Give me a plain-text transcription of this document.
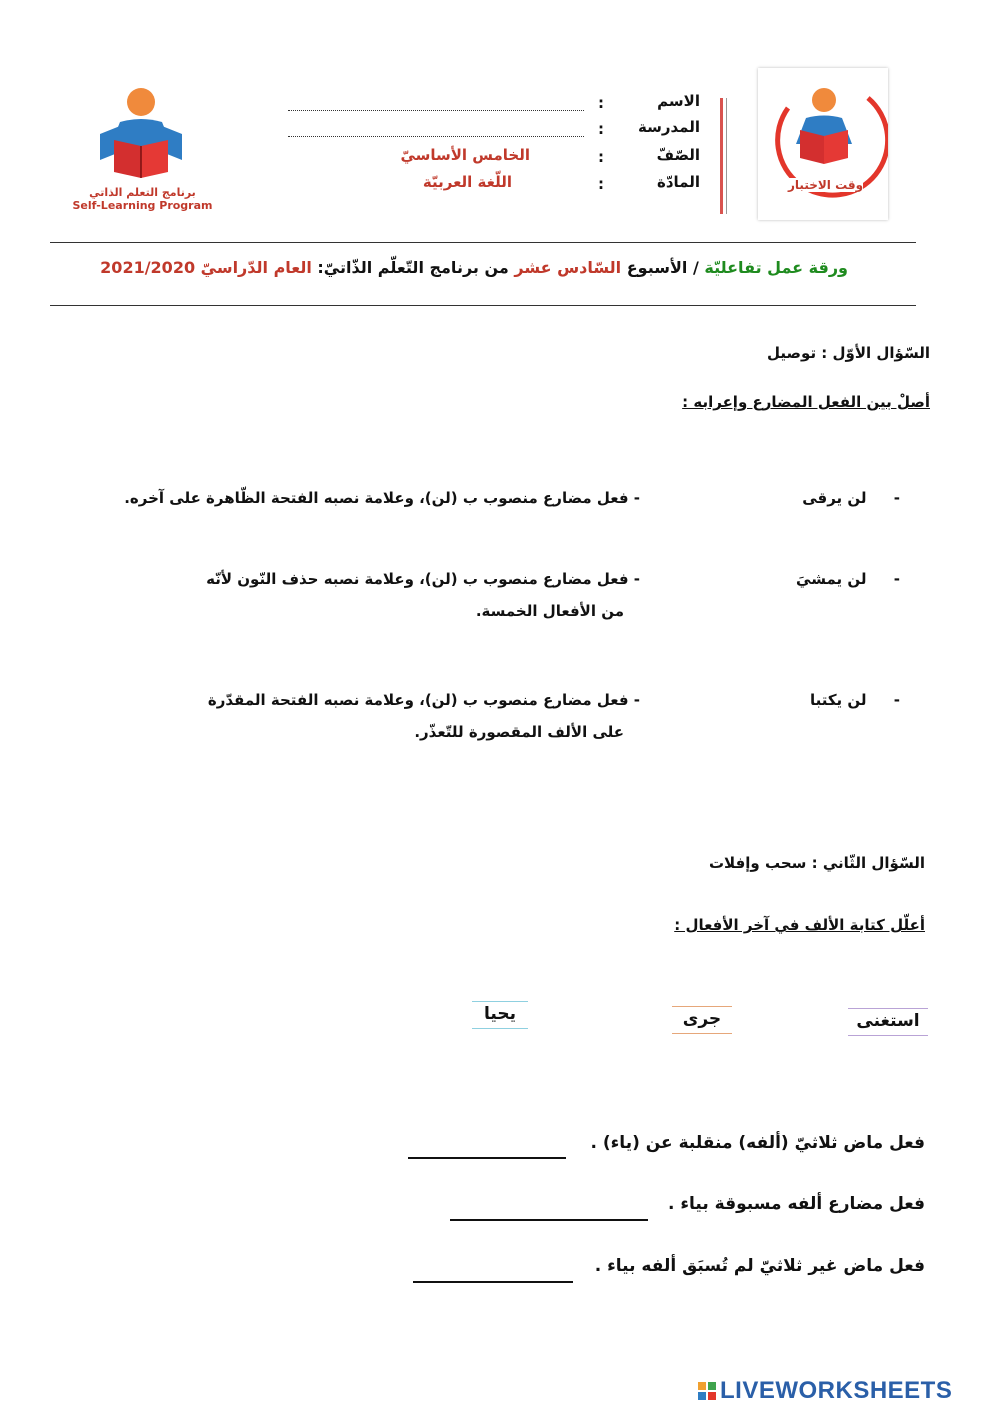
برنامج التعلم الذاتي
Self-Learning Program
وقت الاختبار
الاسم
:
المدرسة
:
الصّفّ
:
الخامس الأساسيّ
المادّة
:
اللّغة العربيّة
ورقة عمل تفاعليّة / الأسبوع السّادس عشر من برنامج التّعلّم الذّاتيّ: العام الدّراسيّ 2021/2020
السّؤال الأوّل : توصيل
أصلْ بين الفعل المضارع وإعرابه :
- لن يرقى
- لن يمشيَ
- لن يكتبا
- فعل مضارع منصوب ب (لن)، وعلامة نصبه الفتحة الظّاهرة على آخره.
- فعل مضارع منصوب ب (لن)، وعلامة نصبه حذف النّون لأنّه
من الأفعال الخمسة.
- فعل مضارع منصوب ب (لن)، وعلامة نصبه الفتحة المقدّرة
على الألف المقصورة للتّعذّر.
السّؤال الثّاني : سحب وإفلات
أعلّل كتابة الألف في آخر الأفعال :
استغنى
جرى
يحيا
فعل ماض ثلاثيّ (ألفه) منقلبة عن (ياء) .
فعل مضارع ألفه مسبوقة بياء .
فعل ماض غير ثلاثيّ لم تُسبَق ألفه بياء .
LIVEWORKSHEETS
